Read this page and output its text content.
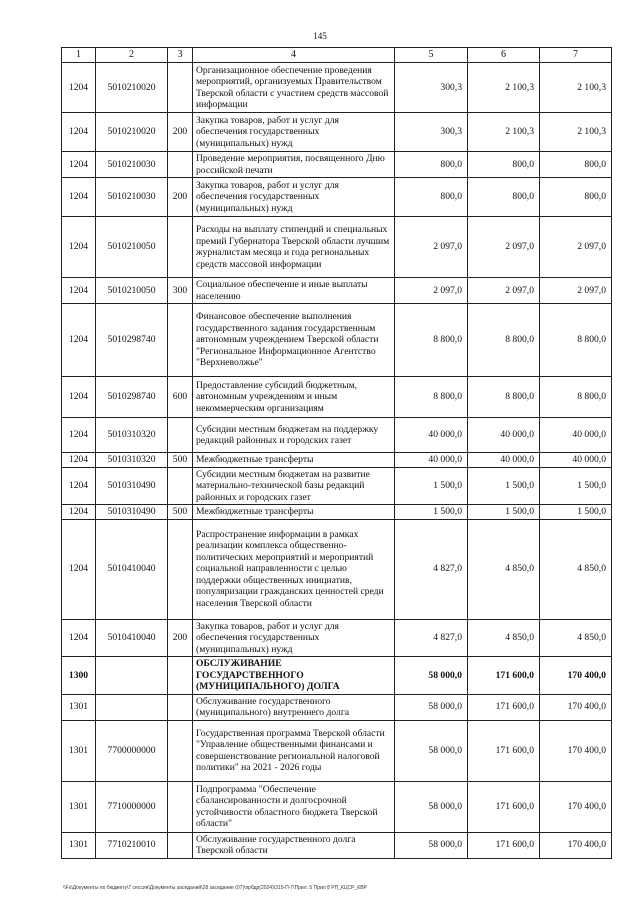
145
1	2	3	4	5	6	7
1204	5010210020		Организационное обеспечение проведения мероприятий, организуемых Правительством Тверской области с участием средств массовой информации	300,3	2 100,3	2 100,3
1204	5010210020	200	Закупка товаров, работ и услуг для обеспечения государственных (муниципальных) нужд	300,3	2 100,3	2 100,3
1204	5010210030		Проведение мероприятия, посвященного Дню российской печати	800,0	800,0	800,0
1204	5010210030	200	Закупка товаров, работ и услуг для обеспечения государственных (муниципальных) нужд	800,0	800,0	800,0
1204	5010210050		Расходы на выплату стипендий и специальных премий Губернатора Тверской области лучшим журналистам месяца и года региональных средств массовой информации	2 097,0	2 097,0	2 097,0
1204	5010210050	300	Социальное обеспечение и иные выплаты населению	2 097,0	2 097,0	2 097,0
1204	5010298740		Финансовое обеспечение выполнения государственного задания государственным автономным учреждением Тверской области "Региональное Информационное Агентство "Верхневолжье"	8 800,0	8 800,0	8 800,0
1204	5010298740	600	Предоставление субсидий бюджетным, автономным учреждениям и иным некоммерческим организациям	8 800,0	8 800,0	8 800,0
1204	5010310320		Субсидии местным бюджетам на поддержку редакций районных и городских газет	40 000,0	40 000,0	40 000,0
1204	5010310320	500	Межбюджетные трансферты	40 000,0	40 000,0	40 000,0
1204	5010310490		Субсидии местным бюджетам на развитие материально-технической базы редакций районных и городских газет	1 500,0	1 500,0	1 500,0
1204	5010310490	500	Межбюджетные трансферты	1 500,0	1 500,0	1 500,0
1204	5010410040		Распространение информации в рамках реализации комплекса общественно-политических мероприятий и мероприятий социальной направленности с целью поддержки общественных инициатив, популяризации гражданских ценностей среди населения Тверской области	4 827,0	4 850,0	4 850,0
1204	5010410040	200	Закупка товаров, работ и услуг для обеспечения государственных (муниципальных) нужд	4 827,0	4 850,0	4 850,0
1300			ОБСЛУЖИВАНИЕ ГОСУДАРСТВЕННОГО (МУНИЦИПАЛЬНОГО) ДОЛГА	58 000,0	171 600,0	170 400,0
1301			Обслуживание государственного (муниципального) внутреннего долга	58 000,0	171 600,0	170 400,0
1301	7700000000		Государственная программа Тверской области "Управление общественными финансами и совершенствование региональной налоговой политики" на 2021 - 2026 годы	58 000,0	171 600,0	170 400,0
1301	7710000000		Подпрограмма "Обеспечение сбалансированности и долгосрочной устойчивости областного бюджета Тверской области"	58 000,0	171 600,0	170 400,0
1301	7710210010		Обслуживание государственного долга Тверской области	58 000,0	171 600,0	170 400,0
\\Fs\Документы по бюджету\7 сессия\Документы заседаний\28 заседание (07)\прбдр(2024)\315-П-7\Прил. 5 Прил 8 РП_КЦСР_КВР
